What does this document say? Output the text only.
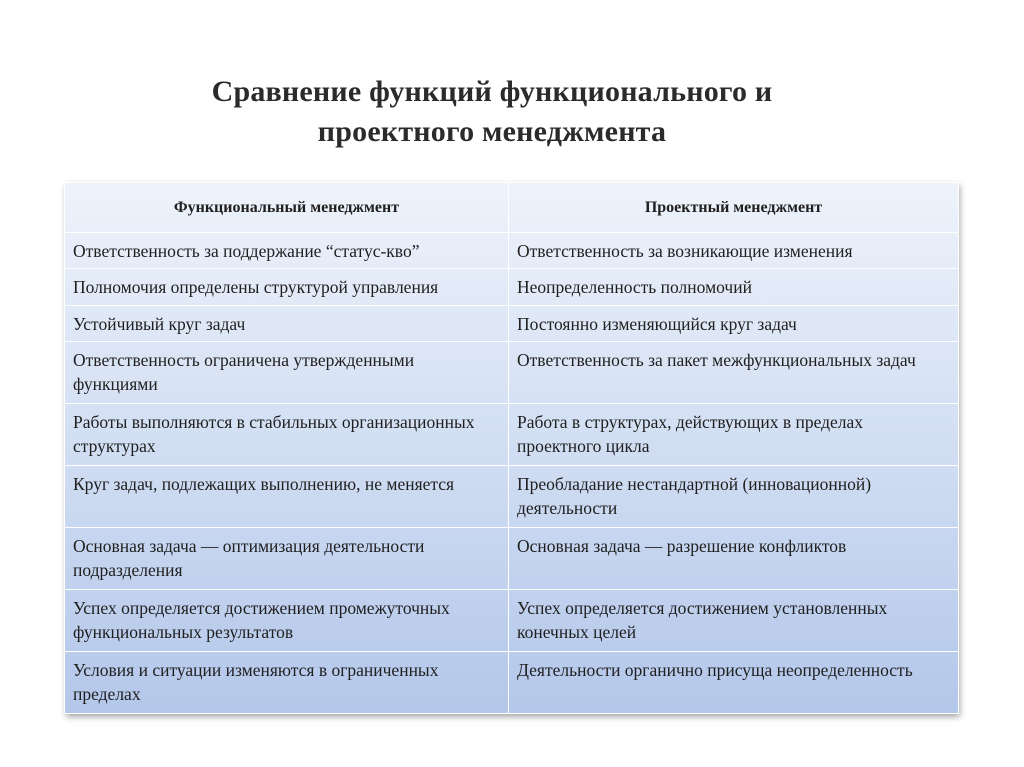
Сравнение функций функционального и
проектного менеджмента
Функциональный менеджмент	Проектный менеджмент
Ответственность за поддержание “статус-кво”	Ответственность за возникающие изменения
Полномочия определены структурой управления	Неопределенность полномочий
Устойчивый круг задач	Постоянно изменяющийся круг задач
Ответственность ограничена утвержденными функциями	Ответственность за пакет межфункциональных задач
Работы выполняются в стабильных организационных структурах	Работа в структурах, действующих в пределах проектного цикла
Круг задач, подлежащих выполнению, не меняется	Преобладание нестандартной (инновационной) деятельности
Основная задача — оптимизация деятельности подразделения	Основная задача — разрешение конфликтов
Успех определяется достижением промежуточных функциональных результатов	Успех определяется достижением установленных конечных целей
Условия и ситуации изменяются в ограниченных пределах	Деятельности органично присуща неопределенность
